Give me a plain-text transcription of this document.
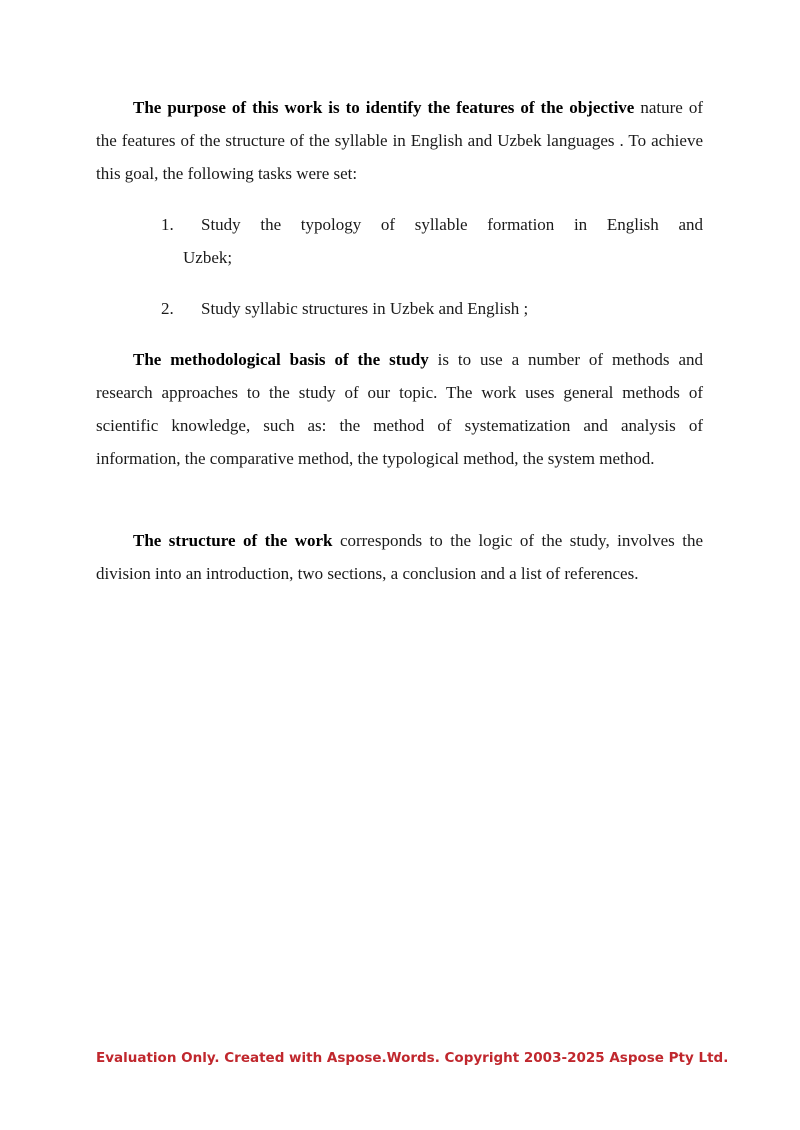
The purpose of this work is to identify the features of the objective nature of the features of the structure of the syllable in English and Uzbek languages . To achieve this goal, the following tasks were set:

1. Study the typology of syllable formation in English and
Uzbek;
2. Study syllabic structures in Uzbek and English ;

The methodological basis of the study is to use a number of methods and research approaches to the study of our topic. The work uses general methods of scientific knowledge, such as: the method of systematization and analysis of information, the comparative method, the typological method, the system method.

The structure of the work corresponds to the logic of the study, involves the division into an introduction, two sections, a conclusion and a list of references.

Evaluation Only. Created with Aspose.Words. Copyright 2003-2025 Aspose Pty Ltd.
